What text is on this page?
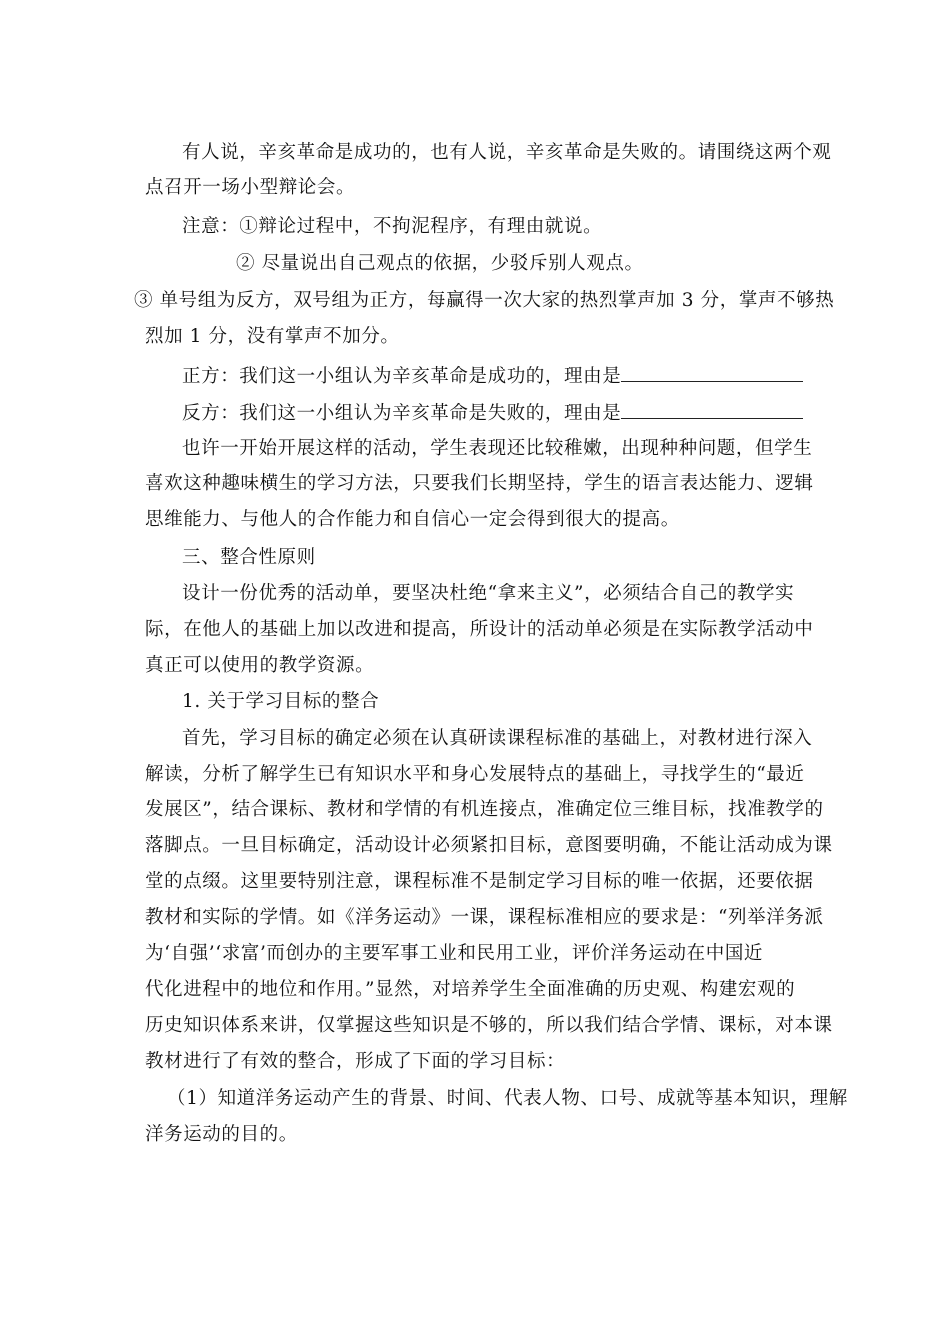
有人说，辛亥革命是成功的，也有人说，辛亥革命是失败的。请围绕这两个观
点召开一场小型辩论会。
注意：①辩论过程中，不拘泥程序，有理由就说。
② 尽量说出自己观点的依据，少驳斥别人观点。
③ 单号组为反方，双号组为正方，每赢得一次大家的热烈掌声加 3 分，掌声不够热
烈加 1 分，没有掌声不加分。
正方：我们这一小组认为辛亥革命是成功的，理由是
反方：我们这一小组认为辛亥革命是失败的，理由是
也许一开始开展这样的活动，学生表现还比较稚嫩，出现种种问题，但学生
喜欢这种趣味横生的学习方法，只要我们长期坚持，学生的语言表达能力、逻辑
思维能力、与他人的合作能力和自信心一定会得到很大的提高。
三、整合性原则
设计一份优秀的活动单，要坚决杜绝“拿来主义”，必须结合自己的教学实
际，在他人的基础上加以改进和提高，所设计的活动单必须是在实际教学活动中
真正可以使用的教学资源。
1. 关于学习目标的整合
首先，学习目标的确定必须在认真研读课程标准的基础上，对教材进行深入
解读，分析了解学生已有知识水平和身心发展特点的基础上，寻找学生的“最近
发展区”，结合课标、教材和学情的有机连接点，准确定位三维目标，找准教学的
落脚点。一旦目标确定，活动设计必须紧扣目标，意图要明确，不能让活动成为课
堂的点缀。这里要特别注意，课程标准不是制定学习目标的唯一依据，还要依据
教材和实际的学情。如《洋务运动》一课，课程标准相应的要求是：“列举洋务派
为‘自强’‘求富’而创办的主要军事工业和民用工业，评价洋务运动在中国近
代化进程中的地位和作用。”显然，对培养学生全面准确的历史观、构建宏观的
历史知识体系来讲，仅掌握这些知识是不够的，所以我们结合学情、课标，对本课
教材进行了有效的整合，形成了下面的学习目标：
（1）知道洋务运动产生的背景、时间、代表人物、口号、成就等基本知识，理解
洋务运动的目的。
